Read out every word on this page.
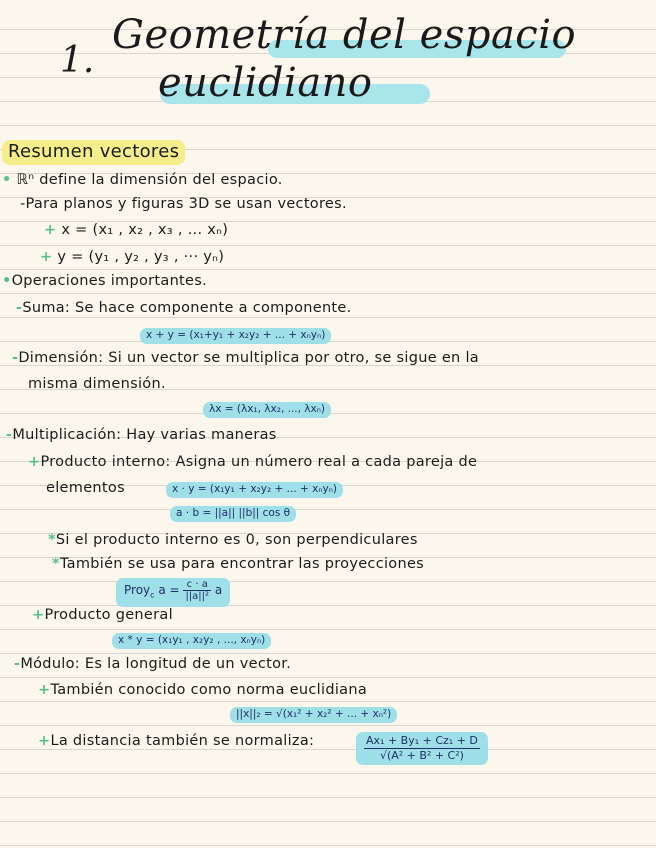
1.
Geometría del espacio
euclidiano
Resumen vectores
• ℝⁿ define la dimensión del espacio.
-Para planos y figuras 3D se usan vectores.
+ x = (x₁ , x₂ , x₃ , ... xₙ)
+ y = (y₁ , y₂ , y₃ , ··· yₙ)
•Operaciones importantes.
-Suma: Se hace componente a componente.
x + y = (x₁+y₁ + x₂y₂ + ... + xₙyₙ)
-Dimensión: Si un vector se multiplica por otro, se sigue en la
misma dimensión.
λx = (λx₁, λx₂, ..., λxₙ)
-Multiplicación: Hay varias maneras
+Producto interno: Asigna un número real a cada pareja de
elementos	x · y = (x₁y₁ + x₂y₂ + ... + xₙyₙ)
a · b = ||a|| ||b|| cos θ
*Si el producto interno es 0, son perpendiculares
*También se usa para encontrar las proyecciones
Proy$_c$ $a = \frac{c \cdot a}{\text{||a||²}}$ a
+Producto general
x * y = (x₁y₁ , x₂y₂ , ..., xₙyₙ)
-Módulo: Es la longitud de un vector.
+También conocido como norma euclidiana
||x||₂ = √(x₁² + x₂² + ... + xₙ²)
+La distancia también se normaliza:	$\frac{\text{Ax₁ + By₁ + Cz₁ + D}}{\text{√(A² + B² + C²)}}$
